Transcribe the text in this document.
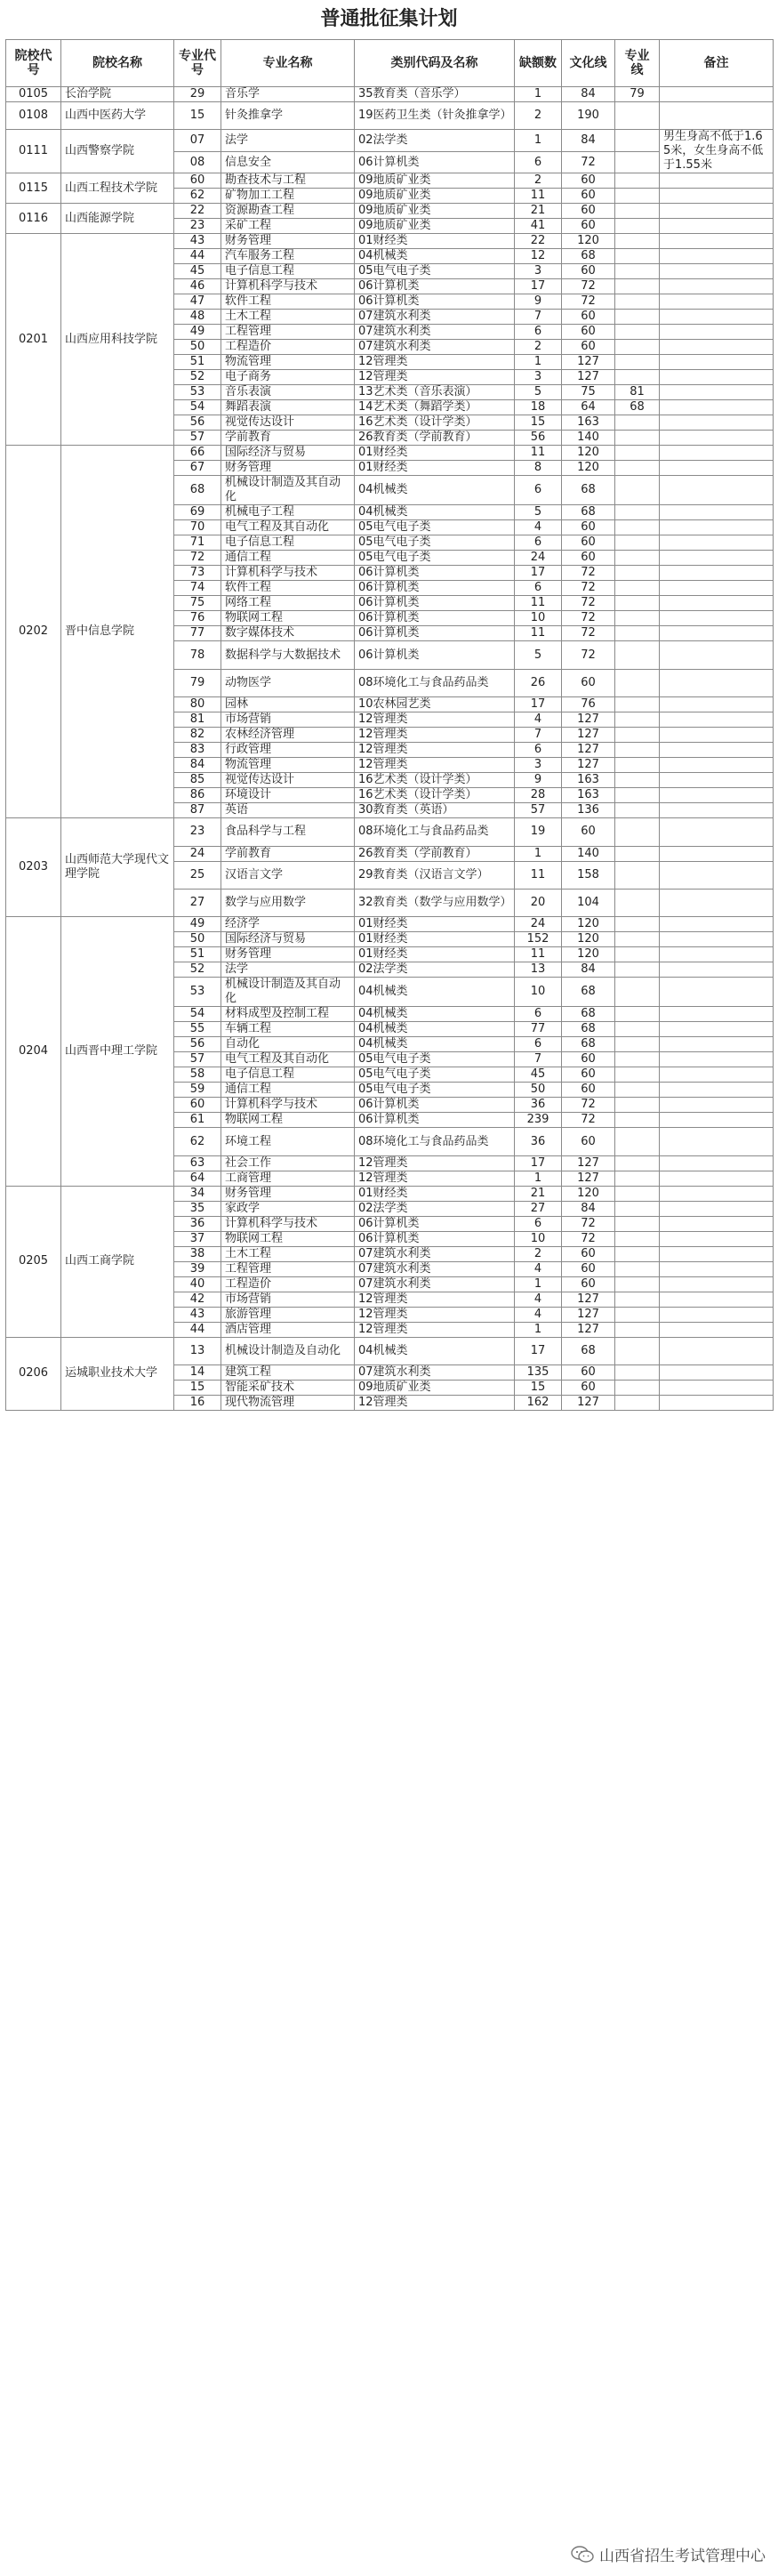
普通批征集计划
院校代号	院校名称	专业代号	专业名称	类别代码及名称	缺额数	文化线	专业线	备注
0105	长治学院	29	音乐学	35教育类（音乐学）	1	84	79	
0108	山西中医药大学	15	针灸推拿学	19医药卫生类（针灸推拿学）	2	190		
0111	山西警察学院	07	法学	02法学类	1	84		男生身高不低于1.65米，女生身高不低于1.55米
		08	信息安全	06计算机类	6	72		
0115	山西工程技术学院	60	勘查技术与工程	09地质矿业类	2	60		
		62	矿物加工工程	09地质矿业类	11	60		
0116	山西能源学院	22	资源勘查工程	09地质矿业类	21	60		
		23	采矿工程	09地质矿业类	41	60		
0201	山西应用科技学院	43	财务管理	01财经类	22	120		
		44	汽车服务工程	04机械类	12	68		
		45	电子信息工程	05电气电子类	3	60		
		46	计算机科学与技术	06计算机类	17	72		
		47	软件工程	06计算机类	9	72		
		48	土木工程	07建筑水利类	7	60		
		49	工程管理	07建筑水利类	6	60		
		50	工程造价	07建筑水利类	2	60		
		51	物流管理	12管理类	1	127		
		52	电子商务	12管理类	3	127		
		53	音乐表演	13艺术类（音乐表演）	5	75	81	
		54	舞蹈表演	14艺术类（舞蹈学类）	18	64	68	
		56	视觉传达设计	16艺术类（设计学类）	15	163		
		57	学前教育	26教育类（学前教育）	56	140		
0202	晋中信息学院	66	国际经济与贸易	01财经类	11	120		
		67	财务管理	01财经类	8	120		
		68	机械设计制造及其自动化	04机械类	6	68		
		69	机械电子工程	04机械类	5	68		
		70	电气工程及其自动化	05电气电子类	4	60		
		71	电子信息工程	05电气电子类	6	60		
		72	通信工程	05电气电子类	24	60		
		73	计算机科学与技术	06计算机类	17	72		
		74	软件工程	06计算机类	6	72		
		75	网络工程	06计算机类	11	72		
		76	物联网工程	06计算机类	10	72		
		77	数字媒体技术	06计算机类	11	72		
		78	数据科学与大数据技术	06计算机类	5	72		
		79	动物医学	08环境化工与食品药品类	26	60		
		80	园林	10农林园艺类	17	76		
		81	市场营销	12管理类	4	127		
		82	农林经济管理	12管理类	7	127		
		83	行政管理	12管理类	6	127		
		84	物流管理	12管理类	3	127		
		85	视觉传达设计	16艺术类（设计学类）	9	163		
		86	环境设计	16艺术类（设计学类）	28	163		
		87	英语	30教育类（英语）	57	136		
0203	山西师范大学现代文理学院	23	食品科学与工程	08环境化工与食品药品类	19	60		
		24	学前教育	26教育类（学前教育）	1	140		
		25	汉语言文学	29教育类（汉语言文学）	11	158		
		27	数学与应用数学	32教育类（数学与应用数学）	20	104		
0204	山西晋中理工学院	49	经济学	01财经类	24	120		
		50	国际经济与贸易	01财经类	152	120		
		51	财务管理	01财经类	11	120		
		52	法学	02法学类	13	84		
		53	机械设计制造及其自动化	04机械类	10	68		
		54	材料成型及控制工程	04机械类	6	68		
		55	车辆工程	04机械类	77	68		
		56	自动化	04机械类	6	68		
		57	电气工程及其自动化	05电气电子类	7	60		
		58	电子信息工程	05电气电子类	45	60		
		59	通信工程	05电气电子类	50	60		
		60	计算机科学与技术	06计算机类	36	72		
		61	物联网工程	06计算机类	239	72		
		62	环境工程	08环境化工与食品药品类	36	60		
		63	社会工作	12管理类	17	127		
		64	工商管理	12管理类	1	127		
0205	山西工商学院	34	财务管理	01财经类	21	120		
		35	家政学	02法学类	27	84		
		36	计算机科学与技术	06计算机类	6	72		
		37	物联网工程	06计算机类	10	72		
		38	土木工程	07建筑水利类	2	60		
		39	工程管理	07建筑水利类	4	60		
		40	工程造价	07建筑水利类	1	60		
		42	市场营销	12管理类	4	127		
		43	旅游管理	12管理类	4	127		
		44	酒店管理	12管理类	1	127		
0206	运城职业技术大学	13	机械设计制造及自动化	04机械类	17	68		
		14	建筑工程	07建筑水利类	135	60		
		15	智能采矿技术	09地质矿业类	15	60		
		16	现代物流管理	12管理类	162	127		
山西省招生考试管理中心
